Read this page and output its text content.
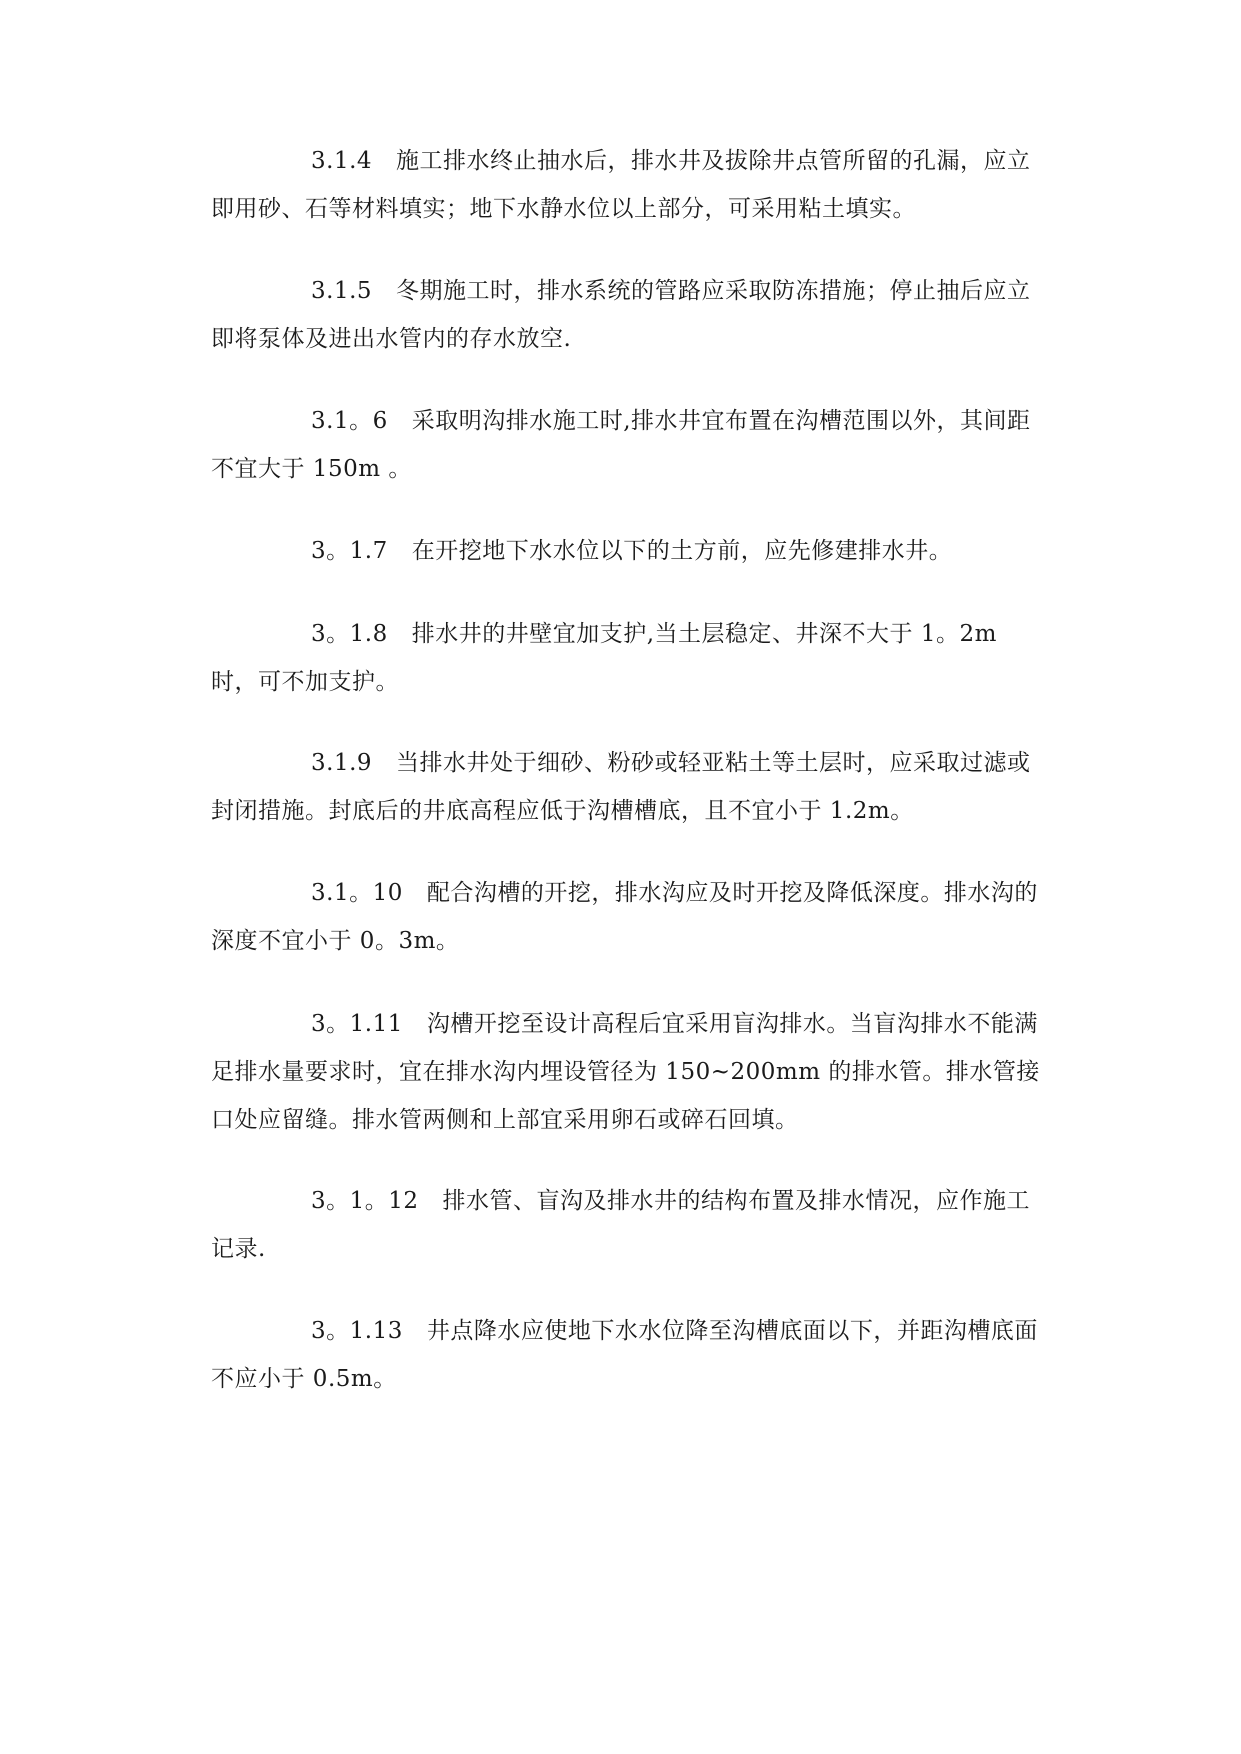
3.1.4 施工排水终止抽水后，排水井及拔除井点管所留的孔漏，应立即用砂、石等材料填实；地下水静水位以上部分，可采用粘土填实。

3.1.5 冬期施工时，排水系统的管路应采取防冻措施；停止抽后应立即将泵体及进出水管内的存水放空.

3.1。6 采取明沟排水施工时,排水井宜布置在沟槽范围以外，其间距不宜大于 150m 。

3。1.7 在开挖地下水水位以下的土方前，应先修建排水井。

3。1.8 排水井的井壁宜加支护,当土层稳定、井深不大于 1。2m 时，可不加支护。

3.1.9 当排水井处于细砂、粉砂或轻亚粘土等土层时，应采取过滤或封闭措施。封底后的井底高程应低于沟槽槽底，且不宜小于 1.2m。

3.1。10 配合沟槽的开挖，排水沟应及时开挖及降低深度。排水沟的深度不宜小于 0。3m。

3。1.11 沟槽开挖至设计高程后宜采用盲沟排水。当盲沟排水不能满足排水量要求时，宜在排水沟内埋设管径为 150~200mm 的排水管。排水管接口处应留缝。排水管两侧和上部宜采用卵石或碎石回填。

3。1。12 排水管、盲沟及排水井的结构布置及排水情况，应作施工记录.

3。1.13 井点降水应使地下水水位降至沟槽底面以下，并距沟槽底面不应小于 0.5m。
